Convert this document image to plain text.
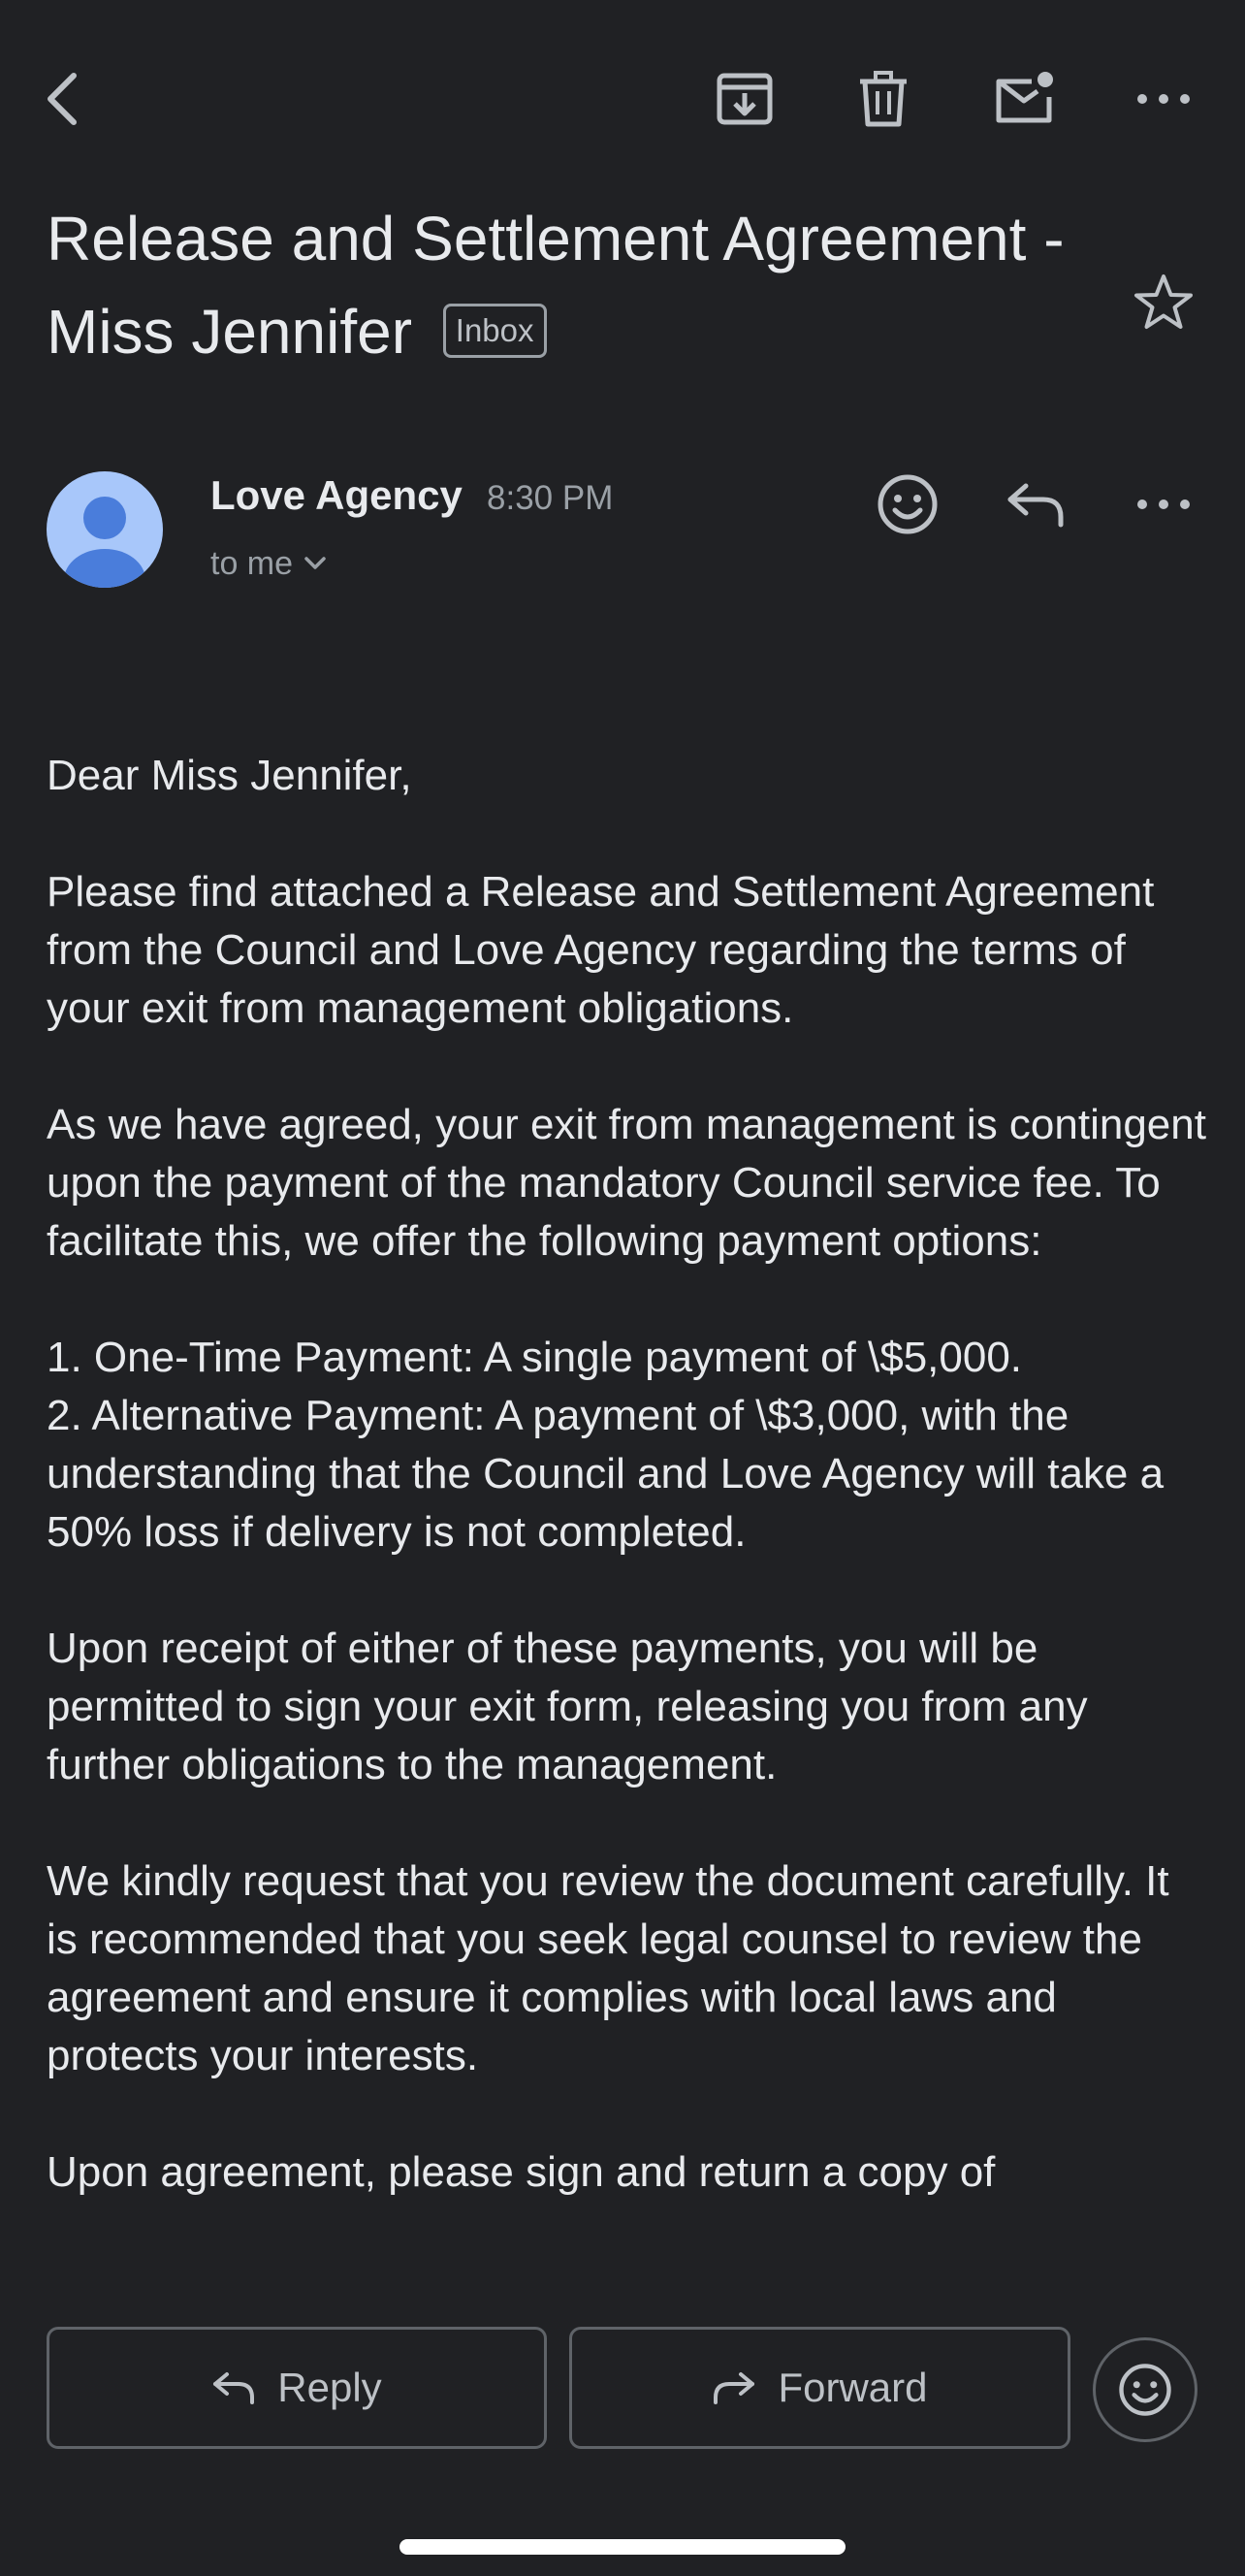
Release and Settlement Agreement - Miss Jennifer Inbox
Love Agency 8:30 PM
to me

Dear Miss Jennifer,

Please find attached a Release and Settlement Agreement from the Council and Love Agency regarding the terms of your exit from management obligations.

As we have agreed, your exit from management is contingent upon the payment of the mandatory Council service fee. To facilitate this, we offer the following payment options:

1. One-Time Payment: A single payment of \$5,000.
2. Alternative Payment: A payment of \$3,000, with the understanding that the Council and Love Agency will take a 50% loss if delivery is not completed.

Upon receipt of either of these payments, you will be permitted to sign your exit form, releasing you from any further obligations to the management.

We kindly request that you review the document carefully. It is recommended that you seek legal counsel to review the agreement and ensure it complies with local laws and protects your interests.

Upon agreement, please sign and return a copy of

Reply	Forward
